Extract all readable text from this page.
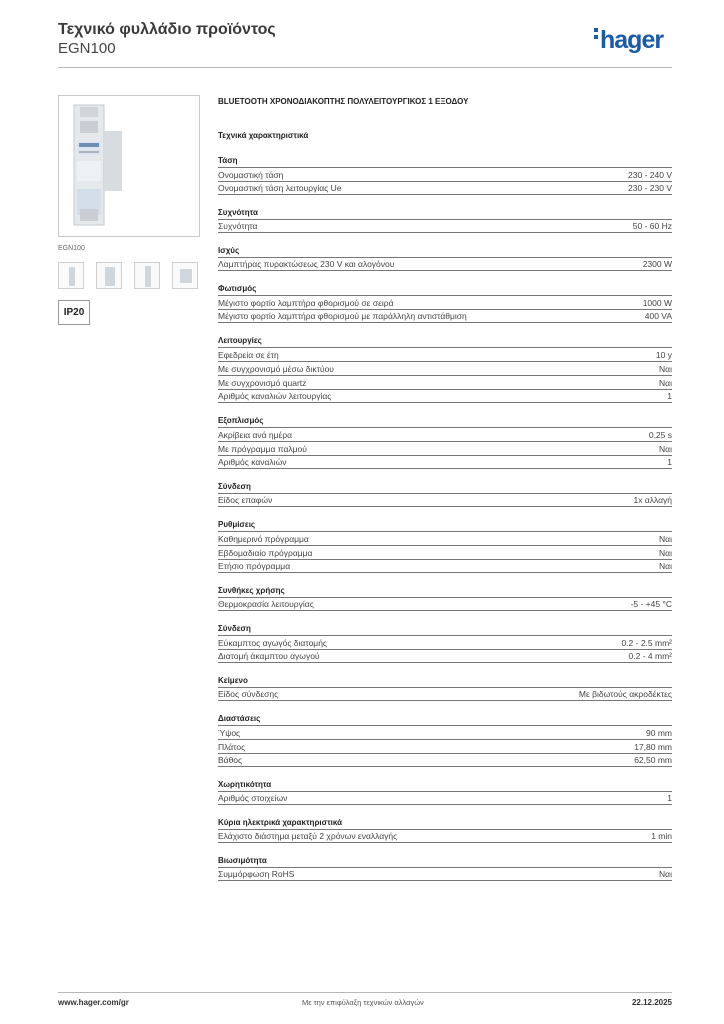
Τεχνικό φυλλάδιο προϊόντος
EGN100	hager
EGN100
IP20
BLUETOOTH ΧΡΟΝΟΔΙΑΚΟΠΤΗΣ ΠΟΛΥΛΕΙΤΟΥΡΓΙΚΟΣ 1 ΕΞΟΔΟΥ
Τεχνικά χαρακτηριστικά
Τάση
Ονομαστική τάση	230 - 240 V
Ονομαστική τάση λειτουργίας Ue	230 - 230 V
Συχνότητα
Συχνότητα	50 - 60 Hz
Ισχύς
Λαμπτήρας πυρακτώσεως 230 V και αλογόνου	2300 W
Φωτισμός
Μέγιστο φορτίο λαμπτήρα φθορισμού σε σειρά	1000 W
Μέγιστο φορτίο λαμπτήρα φθορισμού με παράλληλη αντιστάθμιση	400 VA
Λειτουργίες
Εφεδρεία σε έτη	10 y
Με συγχρονισμό μέσω δικτύου	Ναι
Με συγχρονισμό quartz	Ναι
Αριθμός καναλιών λειτουργίας	1
Εξοπλισμός
Ακρίβεια ανά ημέρα	0,25 s
Με πρόγραμμα παλμού	Ναι
Αριθμός καναλιών	1
Σύνδεση
Είδος επαφών	1x αλλαγή
Ρυθμίσεις
Καθημερινό πρόγραμμα	Ναι
Εβδομαδιαίο πρόγραμμα	Ναι
Ετήσιο πρόγραμμα	Ναι
Συνθήκες χρήσης
Θερμοκρασία λειτουργίας	-5 - +45 °C
Σύνδεση
Εύκαμπτος αγωγός διατομής	0.2 - 2.5 mm²
Διατομή άκαμπτου αγωγού	0.2 - 4 mm²
Κείμενο
Είδος σύνδεσης	Με βιδωτούς ακροδέκτες
Διαστάσεις
Ύψος	90 mm
Πλάτος	17,80 mm
Βάθος	62,50 mm
Χωρητικότητα
Αριθμός στοιχείων	1
Κύρια ηλεκτρικά χαρακτηριστικά
Ελάχιστο διάστημα μεταξύ 2 χρόνων εναλλαγής	1 min
Βιωσιμότητα
Συμμόρφωση RoHS	Ναι
www.hager.com/gr	Με την επιφύλαξη τεχνικών αλλαγών	22.12.2025
